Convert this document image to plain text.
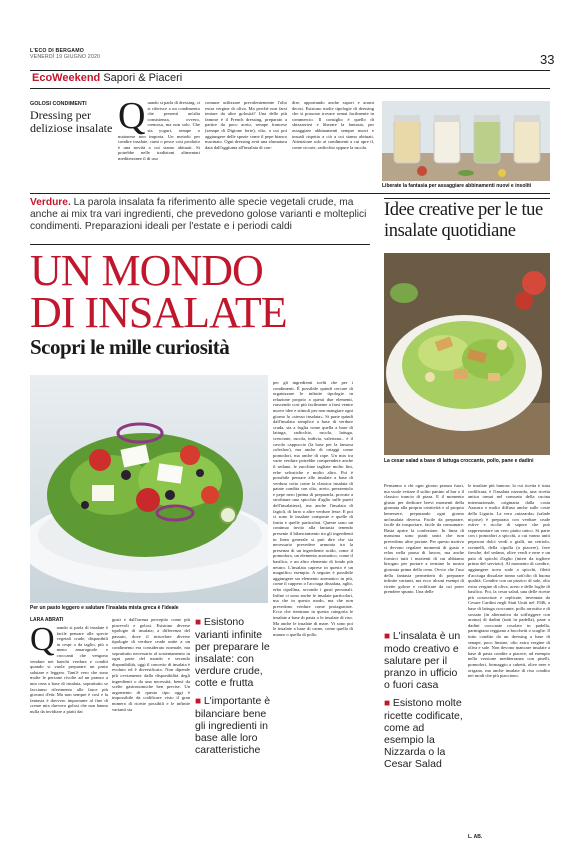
L'ECO DI BERGAMO
VENERDÌ 19 GIUGNO 2020	33
EcoWeekend Sapori & Piaceri
GOLOSI CONDIMENTI
Dressing per deliziose insalate Quando si parla di dressing, ci si riferisce a un condimento che presenti un'alta consistenza, ovvero, cremosa, ma non solo. Che sia yogurt, senape o maionese non importa. Un metodo per condire insalate, carni o pesce cosi prodotto è una novità a cui siamo abituati. Si potrebbe nelle tradizioni alimentari mediterranee il di uso
comune utilizzare prevalentemente l'olio extra vergine di oliva. Ma perché non farsi tentare da altre golosità? Una delle più famose è il French dressing, preparato a partire da poco aceto, senape francese (senape di Digione forte), olio, a cui poi aggiungere delle spezie come il pepe bianco macinato. Ogni dressing avrà una sfumatura data dall'aggiunta all'insalata di con-
dire, apportando anche sapori e aromi decisi. Esistono molte tipologie di dressing che si possono trovare ormai facilmente in commercio. Il consiglio è quello di sbizzarrirsi e liberare la fantasia, per assaggiare abbinamenti sempre nuovi e insuali rispetto a ciò a cui siamo abituati. Attenzione solo ai condimenti a cui apre il, come cicorie, radicchio oppure la rucola.
Liberate la fantasia per assaggiare abbinamenti nuovi e insoliti
Verdure. La parola insalata fa riferimento alle specie vegetali crude, ma anche ai mix tra vari ingredienti, che prevedono golose varianti e molteplici condimenti. Preparazioni ideali per l'estate e i periodi caldi
UN MONDO
DI INSALATE
Scopri le mille curiosità
Idee creative per le tue insalate quotidiane
Per un pasto leggero e salutare l'insalata mista greca è l'ideale
La cesar salad a base di lattuga croccante, pollo, pane e dadini
LARA ABRATI
Quando si parla di insalate è facile pensare alle specie vegetali crude, disponibili in cespi o da taglio, più o meno amarognole e croccanti che vengono vendute nei banchi verdura e conditi quando si vuole preparare un pasto salutare e leggero. Tant'è vero che sono molte le persone rivolte ad un pranzo a una cena a base di insalata, soprattutto se facciamo riferimento alle fasce più giovani d'età. Ma non sempre è così e la fantasia è davvero importante al fine di creare mix davvero golosi che non hanno nulla da invidiare a piatti dai
gusti e dall'aroma percepito come più piacevoli e golosi. Esistono diverse tipologie di insalata; a differenza del passato, dove il miscelare diverse tipologie di verdure crude unite a un condimento era considerato normale, ma soprattutto necessario al sostentamento in ogni parte del mondo e secondo disponibilità, oggi il concetto di insalata è evoluto ed è diversificato. Non dipende più ovviamente dalla disponibilità degli ingredienti o da una necessità, bensì da scelte gastronomiche ben precise. Un argomento di questo tipo oggi è impossibile da codificare visto il gran numero di ricette possibili e le infinite varianti sia
■ Esistono varianti infinite per preparare le insalate: con verdure crude, cotte e frutta
■ L'importante è bilanciare bene gli ingredienti in base alle loro caratteristiche
per gli ingredienti scelti che per i condimenti. È possibile quindi cercare di organizzare le infinite tipologie in relazione proprio a questi due elementi, riuscendo così più facilmente a farsi venire nuove idee e stimoli per non mangiare ogni giorno lo «stesso insalata». Si parte quindi dall'insalata semplice a base di verdure cruda, sia a foglia come quella a base di lattuga, radicchio, rucola, lattuga, crescione, rucola, indivia, valeriana... è il cavolo cappuccio (la base per la famosa coleslaw), ma anche di ortaggi come pomodori, ma anche di rape. Un mix tra varie verdure potrebbe comprendere anche il sedano, le zucchine tagliate molto fini, erbe selvatiche e molto altro. Poi è possibile pensare alle insalate a base di verdura cotta come la classica insalata di patate condita con olio, aceto, prezzemolo e pepe nero (prima di prepararla, provate a strofinare uno spicchio d'aglio sulle pareti dell'insalatiera), ma anche l'insalata di fagioli, di farro o altre verdure lesse. E poi ci sono le insalate composte e quelle di frutta e quelle particolari. Queste sono un continuo invito alla fantasia tenendo presente il bilanciamento tra gli ingredienti in linea generale si può dire che sia necessario prevedere armonia tra la presenza di un ingrediente acido, come il pomodoro, un elemento aromatico, come il basilico, e un altro elemento di fondo più neutro. L'insalata caprese in questo è un magnifico esempio. A seguire è possibile aggiungere un elemento aromatico in più, come il cappero o l'acciuga dissalata, aglio, erba cipollina, secondo i gusti personali. Infine ci sono anche le insalate particolari, ma che in questo modo, ma che non prevedono verdure come protagoniste. Ecco che rientrano in questa categoria le insalate a base di pasta o le insalate di riso. Ma anche le insalate di mare. Vi sono poi le insalate a base di carne, come quella di manzo o quella di pollo.
Pensiamo a chi ogni giorno pranza fuori, ma vuole evitare il solito panino al bar o il classico trancio di pizza. E il momento giusto per dedicare brevi momenti della giornata alla propria creatività e al proprio benessere, preparando ogni giorno un'insalata diversa. Facile da preparare, facile da trasportare, facile da consumare. Basta aprire la confezione. In linea di massima sono piatti unici che non prevedono altre portate. Per questo motivo ci devono regalare momenti di gusto e relax nella pausa di lavoro, ma anche fornirci tutti i nutrienti di cui abbiamo bisogno per portare a termine la nostra giornata prima della cena. Ovvio che l'uso della fantasia permetterà di preparare infinite varianti, ma ecco alcuni esempi di ricette golose e codificate da cui poter prendere spunto. Una delle
le insalate più famose, la cui ricetta è stata codificata, è l'insalata nizzarda, una ricetta antica ormai nel consueto della cucina internazionale, originaria dalla costa Azzurra e molto diffusa anche sulle coste della Liguria. La vera «nizzarda» (salade niçoise) è preparata con verdure crude estive e ricche di sapore che può rappresentare un vero piatto unico. Si parte con i pomodori a spicchi, a cui vanno uniti peperoni dolci verdi o gialli, un cetriolo, ravanelli, della cipolla (a piacere), fave fresche, del sedano, olive verdi e nere e un paio di spicchi d'aglio (interi da togliere prima del servizio). Al momento di condire, aggiungere uova sode a spicchi, filetti d'acciuga dissalate tonno sott'olio di buona qualità. Condire con un pizzico di sale, olio extra vergine di oliva, aceto e delle foglie di basilico. Poi, la cesar salad, una delle ricette più conosciute e replicate, inventata da Cesare Cardini negli Stati Uniti nel 1946, a base di lattuga croccante, pollo arrostito e di sossato (in alternativa da soffriggere con aroma) di dadini (tutti in padella), pane a dadini croccante rosolato in padella, parmigiano reggiano a bocchetti o scaglie. Il tutto condito da un dressing a base di senape, poco limone, olio extra vergine di oliva e sale. Non devono mancare insalate a base di pasta condite a piacere, ad esempio nella versione mediterranea con piselli, pomodori, formaggio a cubetti, olive nere e origano, ma anche insalate di riso condito nei modi che più piacciono.
■ L'insalata è un modo creativo e salutare per il pranzo in ufficio o fuori casa
■ Esistono molte ricette codificate, come ad esempio la Nizzarda o la Cesar Salad
L. AB.
